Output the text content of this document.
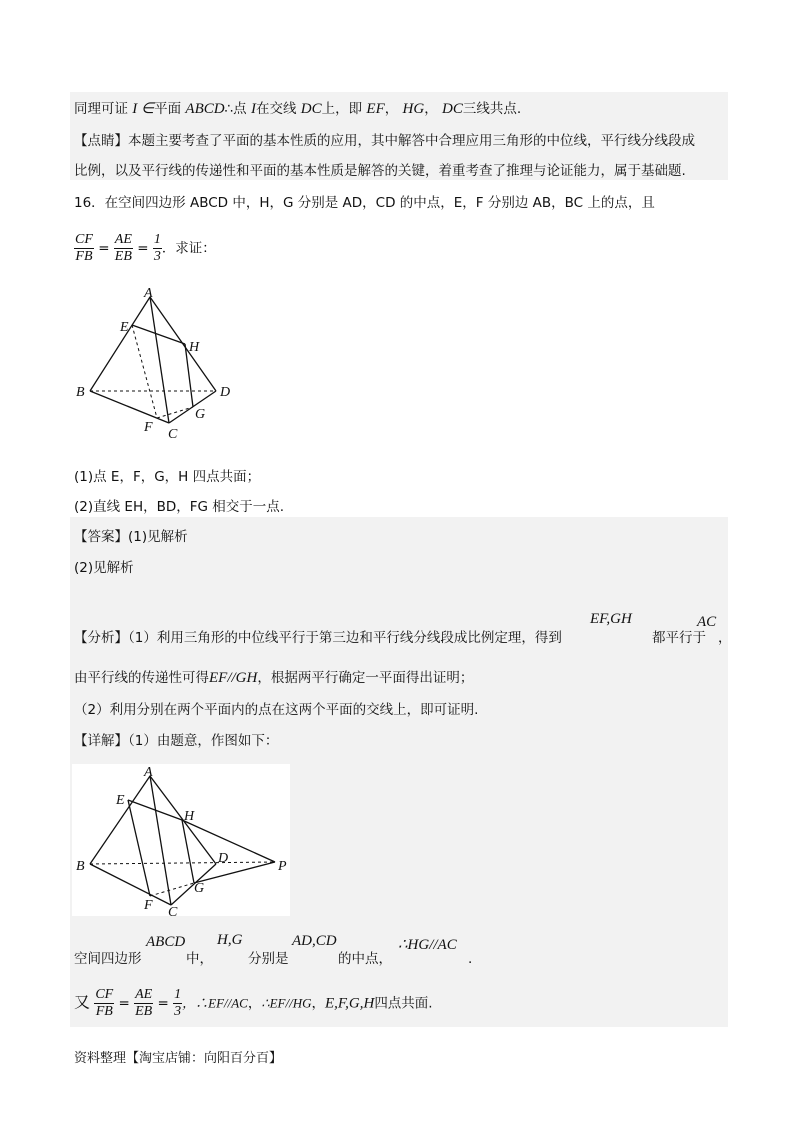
同理可证 I ∈平面 ABCD∴点 I在交线 DC上，即 EF， HG， DC三线共点.
【点睛】本题主要考查了平面的基本性质的应用，其中解答中合理应用三角形的中位线，平行线分线段成
比例，以及平行线的传递性和平面的基本性质是解答的关键，着重考查了推理与论证能力，属于基础题.
16．在空间四边形 ABCD 中，H，G 分别是 AD，CD 的中点，E，F 分别边 AB，BC 上的点，且
$\frac{CF}{FB} = \frac{AE}{EB} = \frac{1}{3}$ ．求证：
A
E
H
B	D
G
F C
(1)点 E，F，G，H 四点共面；
(2)直线 EH，BD，FG 相交于一点.
【答案】(1)见解析
(2)见解析
【分析】（1）利用三角形的中位线平行于第三边和平行线分线段成比例定理，得到
EF,GH
都平行于
AC
，
由平行线的传递性可得EF//GH，根据两平行确定一平面得出证明；
（2）利用分别在两个平面内的点在这两个平面的交线上，即可证明.
【详解】（1）由题意，作图如下：
A
E
H
B
D
P
G
F C
空间四边形
ABCD
中，
H,G
分别是
AD,CD
的中点，
∴HG//AC
.
又 $\frac{CF}{FB} = \frac{AE}{EB} = \frac{1}{3}$ ，∴EF//AC，∴EF//HG，E,F,G,H四点共面.
资料整理【淘宝店铺：向阳百分百】
